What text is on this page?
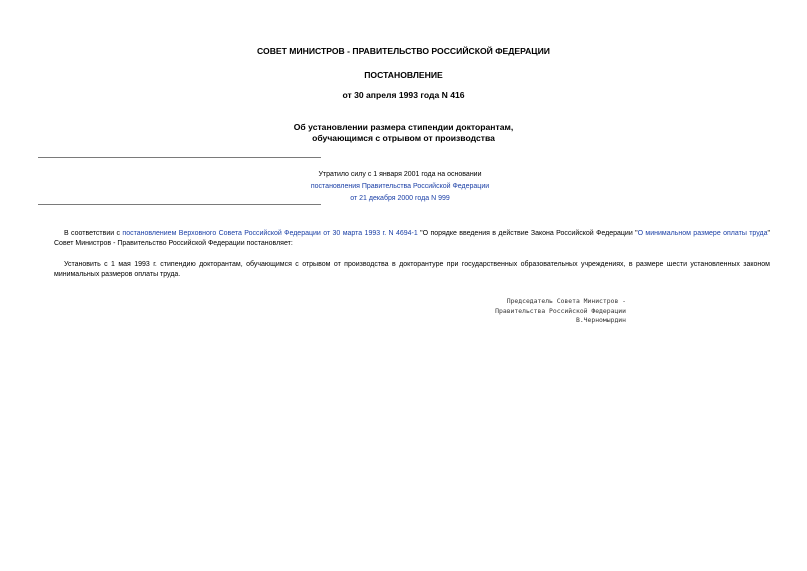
СОВЕТ МИНИСТРОВ - ПРАВИТЕЛЬСТВО РОССИЙСКОЙ ФЕДЕРАЦИИ
ПОСТАНОВЛЕНИЕ
от 30 апреля 1993 года N 416
Об установлении размера стипендии докторантам,
обучающимся с отрывом от производства
Утратило силу с 1 января 2001 года на основании
постановления Правительства Российской Федерации
от 21 декабря 2000 года N 999
В соответствии с постановлением Верховного Совета Российской Федерации от 30 марта 1993 г. N 4694-1 "О порядке введения в действие Закона Российской Федерации "О минимальном размере оплаты труда" Совет Министров - Правительство Российской Федерации постановляет:
Установить с 1 мая 1993 г. стипендию докторантам, обучающимся с отрывом от производства в докторантуре при государственных образовательных учреждениях, в размере шести установленных законом минимальных размеров оплаты труда.
Председатель Совета Министров -
Правительства Российской Федерации
В.Черномырдин
